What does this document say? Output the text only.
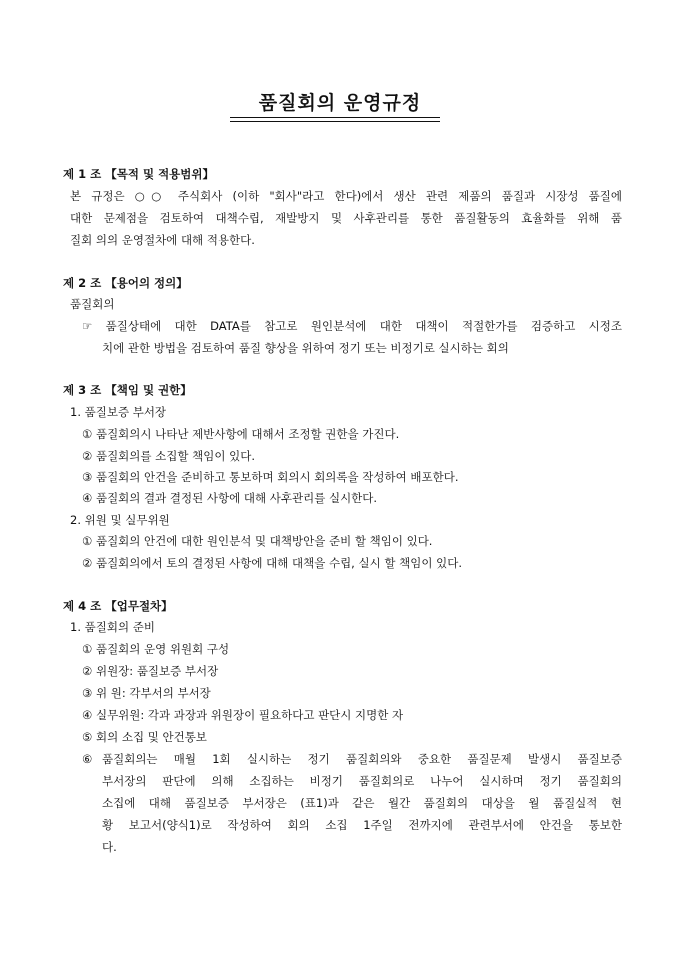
품질회의 운영규정
제 1 조 【목적 및 적용범위】
본 규정은 ○○ 주식회사 (이하 "회사"라고 한다)에서 생산 관련 제품의 품질과 시장성 품질에
대한 문제점을 검토하여 대책수립, 재발방지 및 사후관리를 통한 품질활동의 효율화를 위해 품
질회 의의 운영절차에 대해 적용한다.
제 2 조 【용어의 정의】
품질회의
☞ 품질상태에 대한 DATA를 참고로 원인분석에 대한 대책이 적절한가를 검증하고 시정조
치에 관한 방법을 검토하여 품질 향상을 위하여 정기 또는 비정기로 실시하는 회의
제 3 조 【책임 및 권한】
1. 품질보증 부서장
① 품질회의시 나타난 제반사항에 대해서 조정할 권한을 가진다.
② 품질회의를 소집할 책임이 있다.
③ 품질회의 안건을 준비하고 통보하며 회의시 회의록을 작성하여 배포한다.
④ 품질회의 결과 결정된 사항에 대해 사후관리를 실시한다.
2. 위원 및 실무위원
① 품질회의 안건에 대한 원인분석 및 대책방안을 준비 할 책임이 있다.
② 품질회의에서 토의 결정된 사항에 대해 대책을 수립, 실시 할 책임이 있다.
제 4 조 【업무절차】
1. 품질회의 준비
① 품질회의 운영 위원회 구성
② 위원장: 품질보증 부서장
③ 위 원: 각부서의 부서장
④ 실무위원: 각과 과장과 위원장이 필요하다고 판단시 지명한 자
⑤ 회의 소집 및 안건통보
⑥ 품질회의는 매월 1회 실시하는 정기 품질회의와 중요한 품질문제 발생시 품질보증
부서장의 판단에 의해 소집하는 비정기 품질회의로 나누어 실시하며 정기 품질회의
소집에 대해 품질보증 부서장은 (표1)과 같은 월간 품질회의 대상을 월 품질실적 현
황 보고서(양식1)로 작성하여 회의 소집 1주일 전까지에 관련부서에 안건을 통보한
다.
